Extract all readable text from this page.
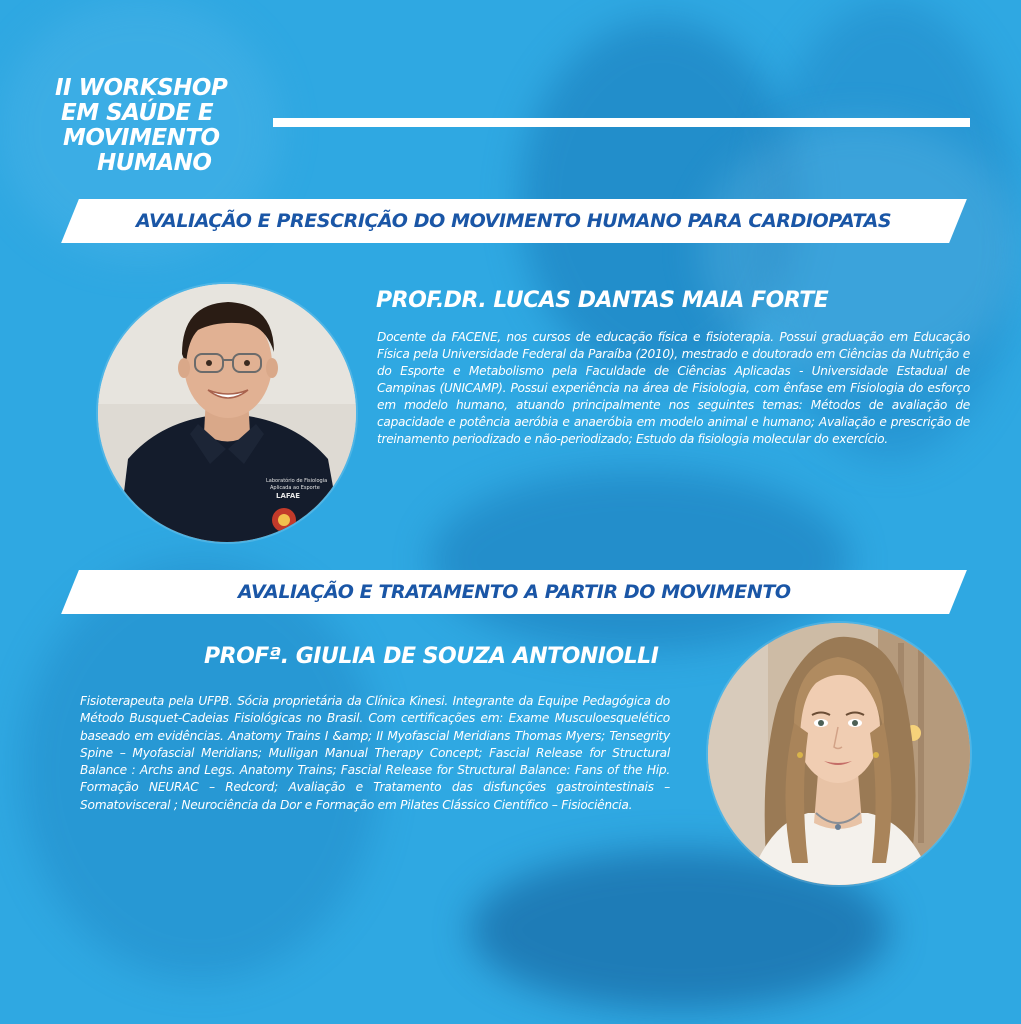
II WORKSHOP
EM SAÚDE E
MOVIMENTO
HUMANO
AVALIAÇÃO E PRESCRIÇÃO DO MOVIMENTO HUMANO PARA CARDIOPATAS
Laboratório de Fisiologia
Aplicada ao Esporte
LAFAE
PROF.DR. LUCAS DANTAS MAIA FORTE

Docente da FACENE, nos cursos de educação física e fisioterapia. Possui graduação em Educação Física pela Universidade Federal da Paraíba (2010), mestrado e doutorado em Ciências da Nutrição e do Esporte e Metabolismo pela Faculdade de Ciências Aplicadas - Universidade Estadual de Campinas (UNICAMP). Possui experiência na área de Fisiologia, com ênfase em Fisiologia do esforço em modelo humano, atuando principalmente nos seguintes temas: Métodos de avaliação de capacidade e potência aeróbia e anaeróbia em modelo animal e humano; Avaliação e prescrição de treinamento periodizado e não-periodizado; Estudo da fisiologia molecular do exercício.

AVALIAÇÃO E TRATAMENTO A PARTIR DO MOVIMENTO
PROFª. GIULIA DE SOUZA ANTONIOLLI

Fisioterapeuta pela UFPB. Sócia proprietária da Clínica Kinesi. Integrante da Equipe Pedagógica do Método Busquet-Cadeias Fisiológicas no Brasil. Com certificações em: Exame Musculoesquelético baseado em evidências. Anatomy Trains I &amp; II Myofascial Meridians Thomas Myers; Tensegrity Spine – Myofascial Meridians; Mulligan Manual Therapy Concept; Fascial Release for Structural Balance : Archs and Legs. Anatomy Trains; Fascial Release for Structural Balance: Fans of the Hip. Formação NEURAC – Redcord; Avaliação e Tratamento das disfunções gastrointestinais –Somatovisceral ; Neurociência da Dor e Formação em Pilates Clássico Científico – Fisiociência.
